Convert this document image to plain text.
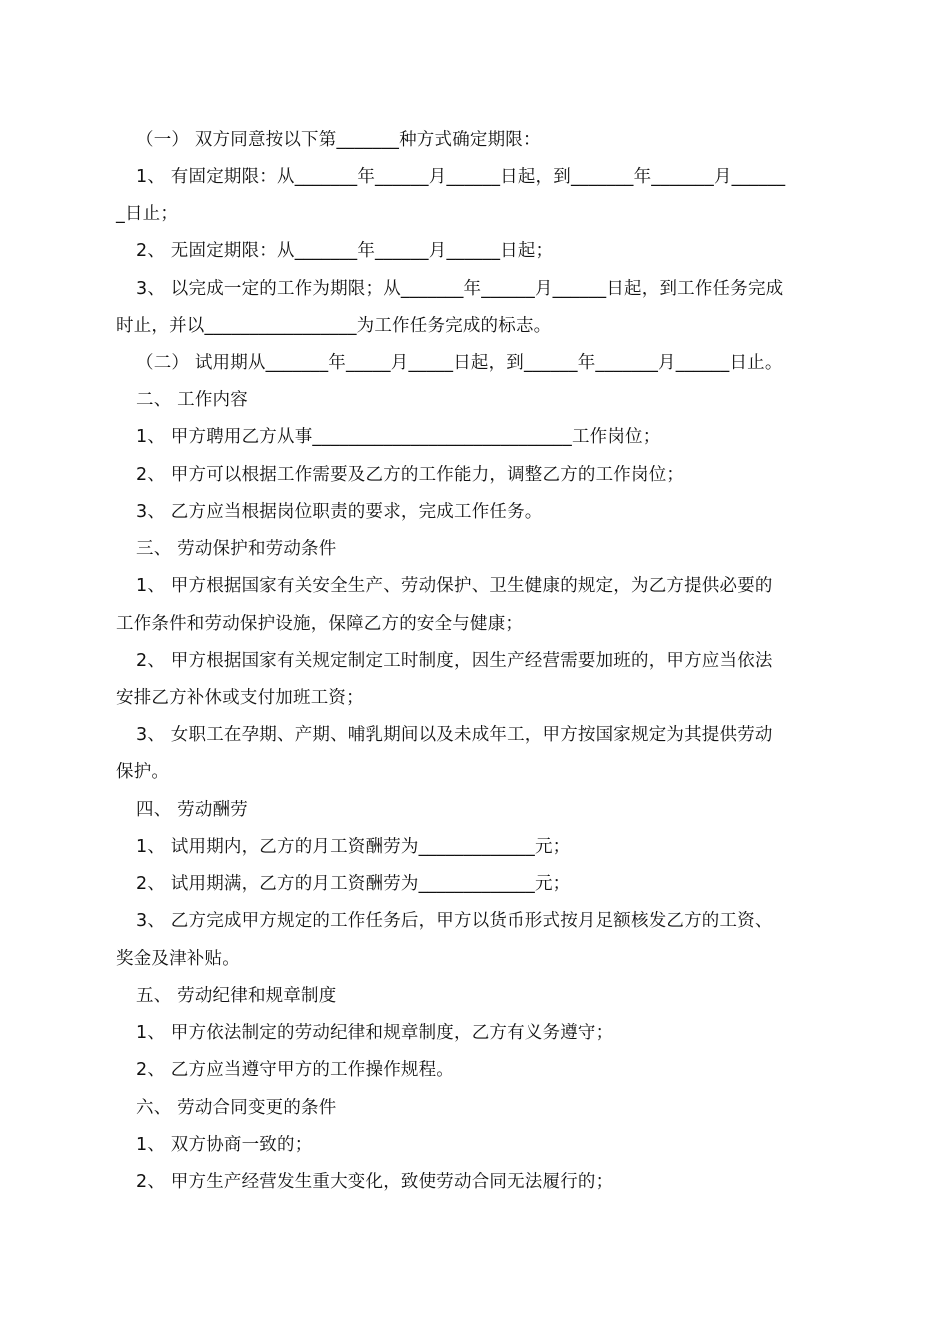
（一） 双方同意按以下第_______种方式确定期限：
1、 有固定期限：从_______年______月______日起，到_______年_______月______
_日止；
2、 无固定期限：从_______年______月______日起；
3、 以完成一定的工作为期限；从_______年______月______日起，到工作任务完成
时止，并以_________________为工作任务完成的标志。
（二） 试用期从_______年_____月_____日起，到______年_______月______日止。
二、 工作内容
1、 甲方聘用乙方从事_____________________________工作岗位；
2、 甲方可以根据工作需要及乙方的工作能力，调整乙方的工作岗位；
3、 乙方应当根据岗位职责的要求，完成工作任务。
三、 劳动保护和劳动条件
1、 甲方根据国家有关安全生产、劳动保护、卫生健康的规定，为乙方提供必要的
工作条件和劳动保护设施，保障乙方的安全与健康；
2、 甲方根据国家有关规定制定工时制度，因生产经营需要加班的，甲方应当依法
安排乙方补休或支付加班工资；
3、 女职工在孕期、产期、哺乳期间以及未成年工，甲方按国家规定为其提供劳动
保护。
四、 劳动酬劳
1、 试用期内，乙方的月工资酬劳为_____________元；
2、 试用期满，乙方的月工资酬劳为_____________元；
3、 乙方完成甲方规定的工作任务后，甲方以货币形式按月足额核发乙方的工资、
奖金及津补贴。
五、 劳动纪律和规章制度
1、 甲方依法制定的劳动纪律和规章制度，乙方有义务遵守；
2、 乙方应当遵守甲方的工作操作规程。
六、 劳动合同变更的条件
1、 双方协商一致的；
2、 甲方生产经营发生重大变化，致使劳动合同无法履行的；
